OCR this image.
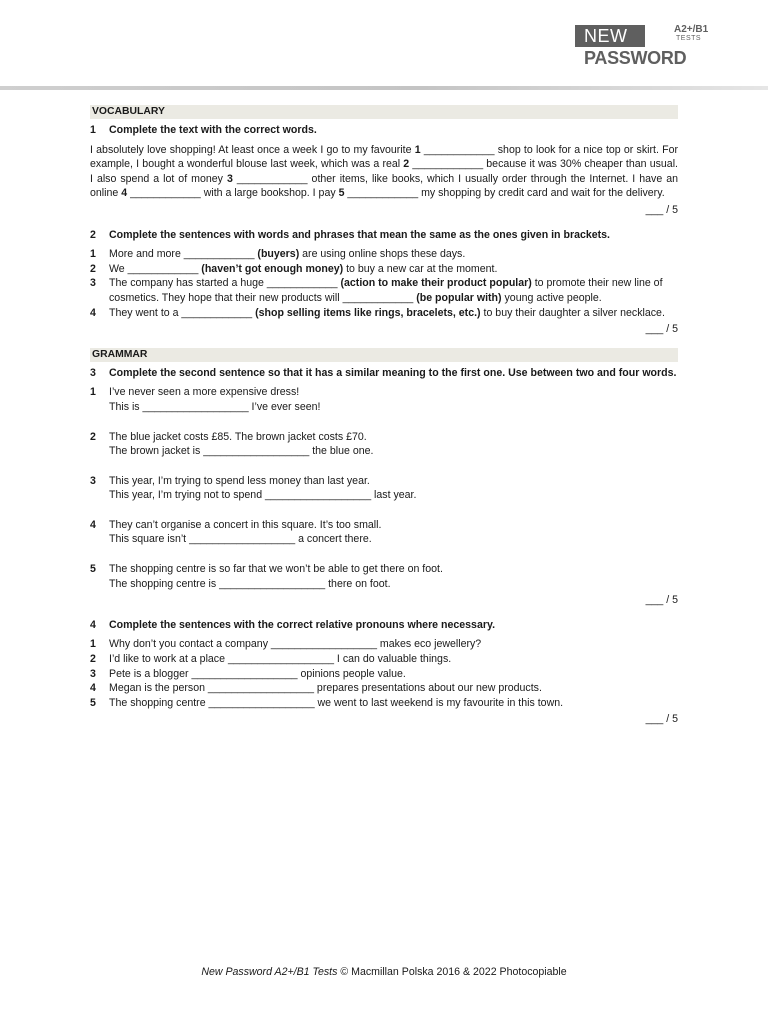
NEW	A2+/B1
TESTS
PASSWORD
VOCABULARY
1	Complete the text with the correct words.
I absolutely love shopping! At least once a week I go to my favourite 1 ____________ shop to look for a nice top or skirt. For example, I bought a wonderful blouse last week, which was a real 2 ____________ because it was 30% cheaper than usual. I also spend a lot of money 3 ____________ other items, like books, which I usually order through the Internet. I have an online 4 ____________ with a large bookshop. I pay 5 ____________ my shopping by credit card and wait for the delivery.
___ / 5
2	Complete the sentences with words and phrases that mean the same as the ones given in brackets.
1	More and more ____________ (buyers) are using online shops these days.
2	We ____________ (haven’t got enough money) to buy a new car at the moment.
3	The company has started a huge ____________ (action to make their product popular) to promote their new line of cosmetics. They hope that their new products will ____________ (be popular with) young active people.
4	They went to a ____________ (shop selling items like rings, bracelets, etc.) to buy their daughter a silver necklace.
___ / 5
GRAMMAR
3	Complete the second sentence so that it has a similar meaning to the first one. Use between two and four words.
1	I’ve never seen a more expensive dress!
This is __________________ I’ve ever seen!
2	The blue jacket costs £85. The brown jacket costs £70.
The brown jacket is __________________ the blue one.
3	This year, I’m trying to spend less money than last year.
This year, I’m trying not to spend __________________ last year.
4	They can’t organise a concert in this square. It’s too small.
This square isn’t __________________ a concert there.
5	The shopping centre is so far that we won’t be able to get there on foot.
The shopping centre is __________________ there on foot.
___ / 5
4	Complete the sentences with the correct relative pronouns where necessary.
1	Why don’t you contact a company __________________ makes eco jewellery?
2	I’d like to work at a place __________________ I can do valuable things.
3	Pete is a blogger __________________ opinions people value.
4	Megan is the person __________________ prepares presentations about our new products.
5	The shopping centre __________________ we went to last weekend is my favourite in this town.
___ / 5
New Password A2+/B1 Tests © Macmillan Polska 2016 & 2022 Photocopiable
